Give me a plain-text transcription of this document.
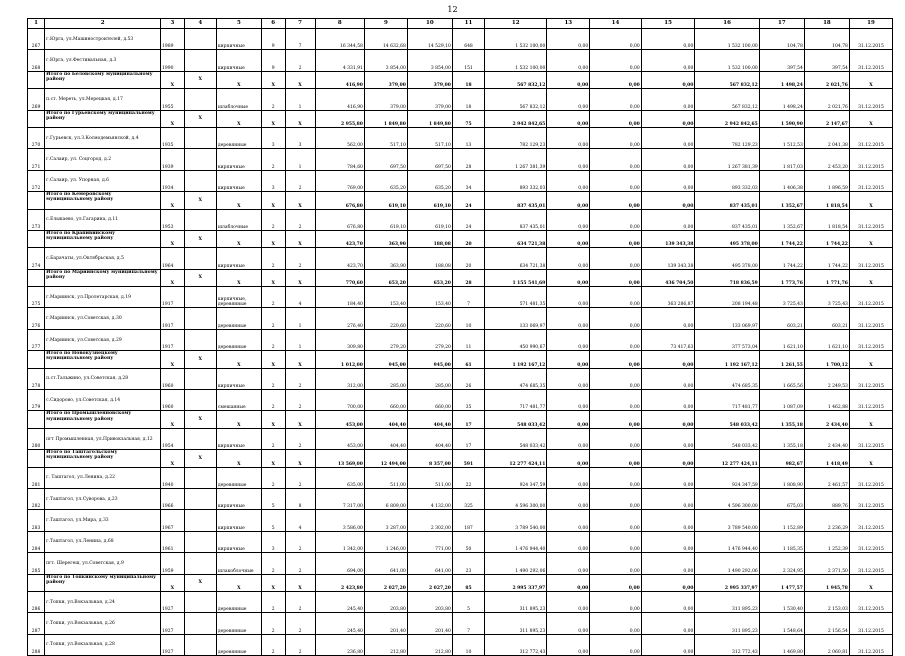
12
1	2	3	4	5	6	7	8	9	10	11	12	13	14	15	16	17	18	19
267	г.Юрга, ул.Машиностроителей, д.53	1989		кирпичные	9	7	16 344,58	14 632,68	14 529,10	648	1 532 100,00	0,00	0,00	0,00	1 532 100,00	104,78	104,78	31.12.2015
268	г.Юрга, ул.Фестивальная, д.3	1990		кирпичные	9	2	4 331,91	3 854,00	3 854,00	151	1 532 100,00	0,00	0,00	0,00	1 532 100,00	397,54	397,54	31.12.2015
	Итого по Беловскому муниципальному району	X	X	X	X	X	416,90	379,00	379,00	18	567 832,12	0,00	0,00	0,00	567 832,12	1 498,24	2 021,76	X
269	п.ст. Мереть, ул.Мерецкая, д.17	1955		шлаблочные	2	1	416,90	379,00	379,00	18	567 832,12	0,00	0,00	0,00	567 832,12	1 498,24	2 021,76	31.12.2015
	Итого по Гурьевскому муниципальному району	X	X	X	X	X	2 955,80	1 849,80	1 849,80	75	2 942 842,65	0,00	0,00	0,00	2 942 842,65	1 590,90	2 147,67	X
270	г.Гурьевск, ул.З.Космодемьянской, д.4	1935		деревянные	3	3	562,00	517,10	517,10	13	782 129,23	0,00	0,00	0,00	782 129,23	1 512,53	2 041,38	31.12.2015
271	г.Салаир, ул. Соцгород, д.2	1939		кирпичные	2	1	784,60	697,50	697,50	28	1 267 381,39	0,00	0,00	0,00	1 267 381,39	1 817,03	2 453,20	31.12.2015
272	г.Салаир, ул. Упорная, д.6	1934		кирпичные	3	2	769,00	635,20	635,20	34	893 332,03	0,00	0,00	0,00	893 332,03	1 406,38	1 896,59	31.12.2015
	Итого по Кемеровскому муниципальному району	X	X	X	X	X	676,80	619,10	619,10	24	837 435,01	0,00	0,00	0,00	837 435,01	1 352,67	1 818,54	X
273	с.Елыкаево, ул.Гагарина, д.11	1953		шлаблочные	2	2	676,80	619,10	619,10	24	837 435,01	0,00	0,00	0,00	837 435,01	1 352,67	1 818,54	31.12.2015
	Итого по Крапивинскому муниципальному району	X	X	X	X	X	423,70	363,90	188,08	20	634 721,38	0,00	0,00	139 343,38	495 378,00	1 744,22	1 744,22	X
274	с.Барачаты, ул.Октябрьская, д.5	1964		кирпичные	2	2	423,70	363,90	188,08	20	634 721,38	0,00	0,00	139 343,38	495 378,00	1 744,22	1 744,22	31.12.2015
	Итого по Мариинскому муниципальному району	X	X	X	X	X	770,60	653,20	653,20	28	1 155 541,69	0,00	0,00	436 704,50	718 836,59	1 773,76	1 771,76	X
275	г.Мариинск, ул.Пролетарская, д.19	1917		кирпичные, деревянные	2	4	184,40	153,40	153,40	7	571 481,35	0,00	0,00	363 286,87	208 194,48	3 725,43	3 725,43	31.12.2015
276	г.Мариинск, ул.Советская, д.30	1917		деревянные	2	1	276,40	220,60	220,60	10	133 069,97	0,00	0,00	0,00	133 069,97	603,21	603,21	31.12.2015
277	г.Мариинск, ул.Советская, д.29	1917		деревянные	2	1	309,80	279,20	279,20	11	450 990,67	0,00	0,00	73 417,63	377 573,04	1 621,10	1 621,10	31.12.2015
	Итого по Новокузнецкому муниципальному району	X	X	X	X	X	1 012,00	945,00	945,00	61	1 192 167,12	0,00	0,00	0,00	1 192 167,12	1 261,55	1 700,12	X
278	п.ст.Тальжино, ул.Советская, д.28	1960		кирпичные	2	2	312,00	285,00	285,00	26	474 685,35	0,00	0,00	0,00	474 685,35	1 665,56	2 249,53	31.12.2015
279	с.Сидорово, ул.Советская, д.14	1960		смешанные	2	2	700,00	660,00	660,00	35	717 481,77	0,00	0,00	0,00	717 481,77	1 087,09	1 462,88	31.12.2015
	Итого по Промышленновскому муниципальному району	X	X	X	X	X	453,00	404,40	404,40	17	548 033,42	0,00	0,00	0,00	548 033,42	1 355,18	2 434,40	X
280	пгт Промышленная, ул.Привокзальная, д.12	1954		кирпичные	2	2	453,00	404,40	404,40	17	548 033,42	0,00	0,00	0,00	548 033,42	1 355,18	2 434,40	31.12.2015
	Итого по Таштагольскому муниципальному району	X	X	X	X	X	13 569,00	12 494,00	8 357,00	591	12 277 424,11	0,00	0,00	0,00	12 277 424,11	982,67	1 418,49	X
281	г. Таштагол, ул.Ленина, д.22	1940		деревянные	2	2	635,00	511,00	511,00	22	924 347,59	0,00	0,00	0,00	924 347,59	1 808,90	2 461,57	31.12.2015
282	г.Таштагол, ул.Суворова, д.23	1966		кирпичные	5	8	7 317,00	6 809,00	4 132,00	325	4 596 300,00	0,00	0,00	0,00	4 596 300,00	675,03	889,76	31.12.2015
283	г.Таштагол, ул.Мира, д.33	1967		кирпичные	5	4	3 586,00	3 287,00	2 302,00	187	3 789 540,00	0,00	0,00	0,00	3 789 540,00	1 152,89	2 236,29	31.12.2015
284	г.Таштагол, ул.Ленина, д.68	1961		кирпичные	3	2	1 342,00	1 246,00	771,00	50	1 476 944,40	0,00	0,00	0,00	1 476 944,40	1 185,35	1 252,39	31.12.2015
285	пгт. Шерегеш, ул.Советская, д.9	1959		шлакоблочные	2	2	694,00	641,00	641,00	23	1 490 292,06	0,00	0,00	0,00	1 490 292,06	2 324,95	2 371,50	31.12.2015
	Итого по Топкинскому муниципальному району	X	X	X	X	X	2 423,80	2 027,20	2 027,20	85	2 995 337,97	0,00	0,00	0,00	2 995 337,97	1 477,57	1 945,78	X
286	г.Топки, ул.Вокзальная, д.24	1927		деревянные	2	2	245,40	203,80	203,80	5	311 895,23	0,00	0,00	0,00	311 895,23	1 530,40	2 153,03	31.12.2015
287	г.Топки, ул.Вокзальная, д.26	1927		деревянные	2	2	245,40	201,40	201,40	7	311 895,23	0,00	0,00	0,00	311 895,23	1 548,64	2 156,54	31.12.2015
288	г.Топки, ул.Вокзальная, д.28	1927		деревянные	2	2	236,80	212,80	212,80	10	312 772,43	0,00	0,00	0,00	312 772,43	1 469,80	2 060,81	31.12.2015
